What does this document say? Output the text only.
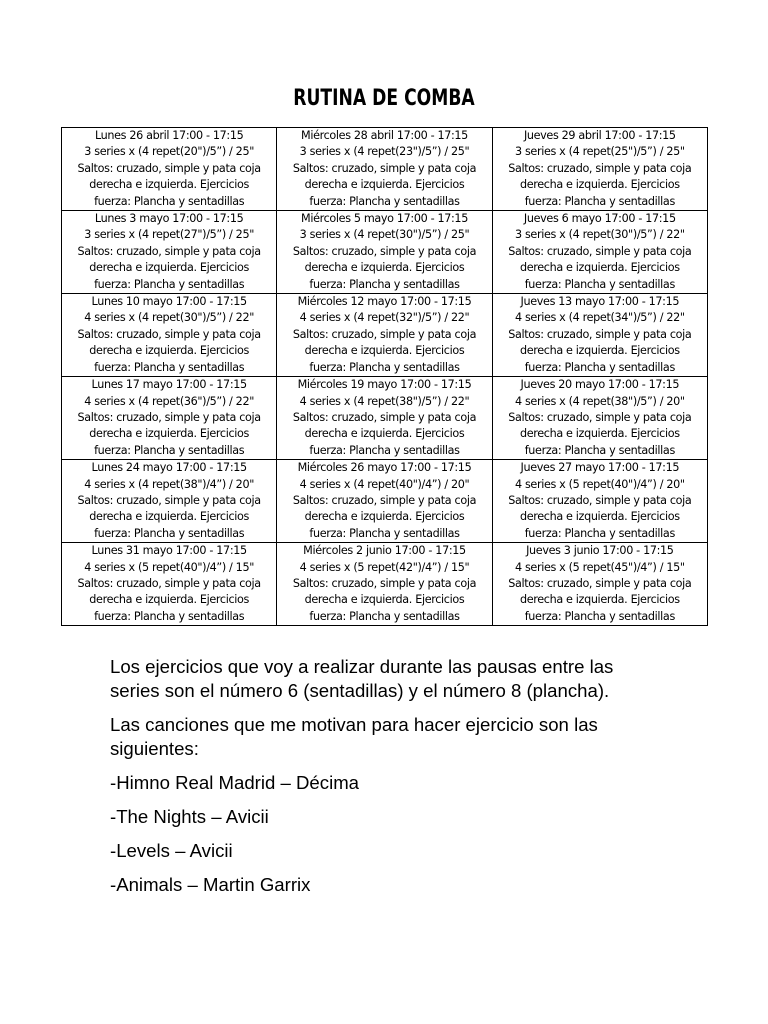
RUTINA DE COMBA
Lunes 26 abril 17:00 - 17:15
3 series x (4 repet(20")/5”) / 25"
Saltos: cruzado, simple y pata coja
derecha e izquierda. Ejercicios
fuerza: Plancha y sentadillas	Miércoles 28 abril 17:00 - 17:15
3 series x (4 repet(23")/5”) / 25"
Saltos: cruzado, simple y pata coja
derecha e izquierda. Ejercicios
fuerza: Plancha y sentadillas	Jueves 29 abril 17:00 - 17:15
3 series x (4 repet(25")/5”) / 25"
Saltos: cruzado, simple y pata coja
derecha e izquierda. Ejercicios
fuerza: Plancha y sentadillas

Lunes 3 mayo 17:00 - 17:15
3 series x (4 repet(27")/5”) / 25"
Saltos: cruzado, simple y pata coja
derecha e izquierda. Ejercicios
fuerza: Plancha y sentadillas	Miércoles 5 mayo 17:00 - 17:15
3 series x (4 repet(30")/5”) / 25"
Saltos: cruzado, simple y pata coja
derecha e izquierda. Ejercicios
fuerza: Plancha y sentadillas	Jueves 6 mayo 17:00 - 17:15
3 series x (4 repet(30")/5”) / 22"
Saltos: cruzado, simple y pata coja
derecha e izquierda. Ejercicios
fuerza: Plancha y sentadillas

Lunes 10 mayo 17:00 - 17:15
4 series x (4 repet(30")/5”) / 22"
Saltos: cruzado, simple y pata coja
derecha e izquierda. Ejercicios
fuerza: Plancha y sentadillas	Miércoles 12 mayo 17:00 - 17:15
4 series x (4 repet(32")/5”) / 22"
Saltos: cruzado, simple y pata coja
derecha e izquierda. Ejercicios
fuerza: Plancha y sentadillas	Jueves 13 mayo 17:00 - 17:15
4 series x (4 repet(34")/5”) / 22"
Saltos: cruzado, simple y pata coja
derecha e izquierda. Ejercicios
fuerza: Plancha y sentadillas

Lunes 17 mayo 17:00 - 17:15
4 series x (4 repet(36")/5”) / 22"
Saltos: cruzado, simple y pata coja
derecha e izquierda. Ejercicios
fuerza: Plancha y sentadillas	Miércoles 19 mayo 17:00 - 17:15
4 series x (4 repet(38")/5”) / 22"
Saltos: cruzado, simple y pata coja
derecha e izquierda. Ejercicios
fuerza: Plancha y sentadillas	Jueves 20 mayo 17:00 - 17:15
4 series x (4 repet(38")/5”) / 20"
Saltos: cruzado, simple y pata coja
derecha e izquierda. Ejercicios
fuerza: Plancha y sentadillas

Lunes 24 mayo 17:00 - 17:15
4 series x (4 repet(38")/4”) / 20"
Saltos: cruzado, simple y pata coja
derecha e izquierda. Ejercicios
fuerza: Plancha y sentadillas	Miércoles 26 mayo 17:00 - 17:15
4 series x (4 repet(40")/4”) / 20"
Saltos: cruzado, simple y pata coja
derecha e izquierda. Ejercicios
fuerza: Plancha y sentadillas	Jueves 27 mayo 17:00 - 17:15
4 series x (5 repet(40")/4”) / 20"
Saltos: cruzado, simple y pata coja
derecha e izquierda. Ejercicios
fuerza: Plancha y sentadillas

Lunes 31 mayo 17:00 - 17:15
4 series x (5 repet(40")/4”) / 15"
Saltos: cruzado, simple y pata coja
derecha e izquierda. Ejercicios
fuerza: Plancha y sentadillas	Miércoles 2 junio 17:00 - 17:15
4 series x (5 repet(42")/4”) / 15"
Saltos: cruzado, simple y pata coja
derecha e izquierda. Ejercicios
fuerza: Plancha y sentadillas	Jueves 3 junio 17:00 - 17:15
4 series x (5 repet(45")/4”) / 15"
Saltos: cruzado, simple y pata coja
derecha e izquierda. Ejercicios
fuerza: Plancha y sentadillas

Los ejercicios que voy a realizar durante las pausas entre las series son el número 6 (sentadillas) y el número 8 (plancha).

Las canciones que me motivan para hacer ejercicio son las siguientes:

-Himno Real Madrid – Décima

-The Nights – Avicii

-Levels – Avicii

-Animals – Martin Garrix
